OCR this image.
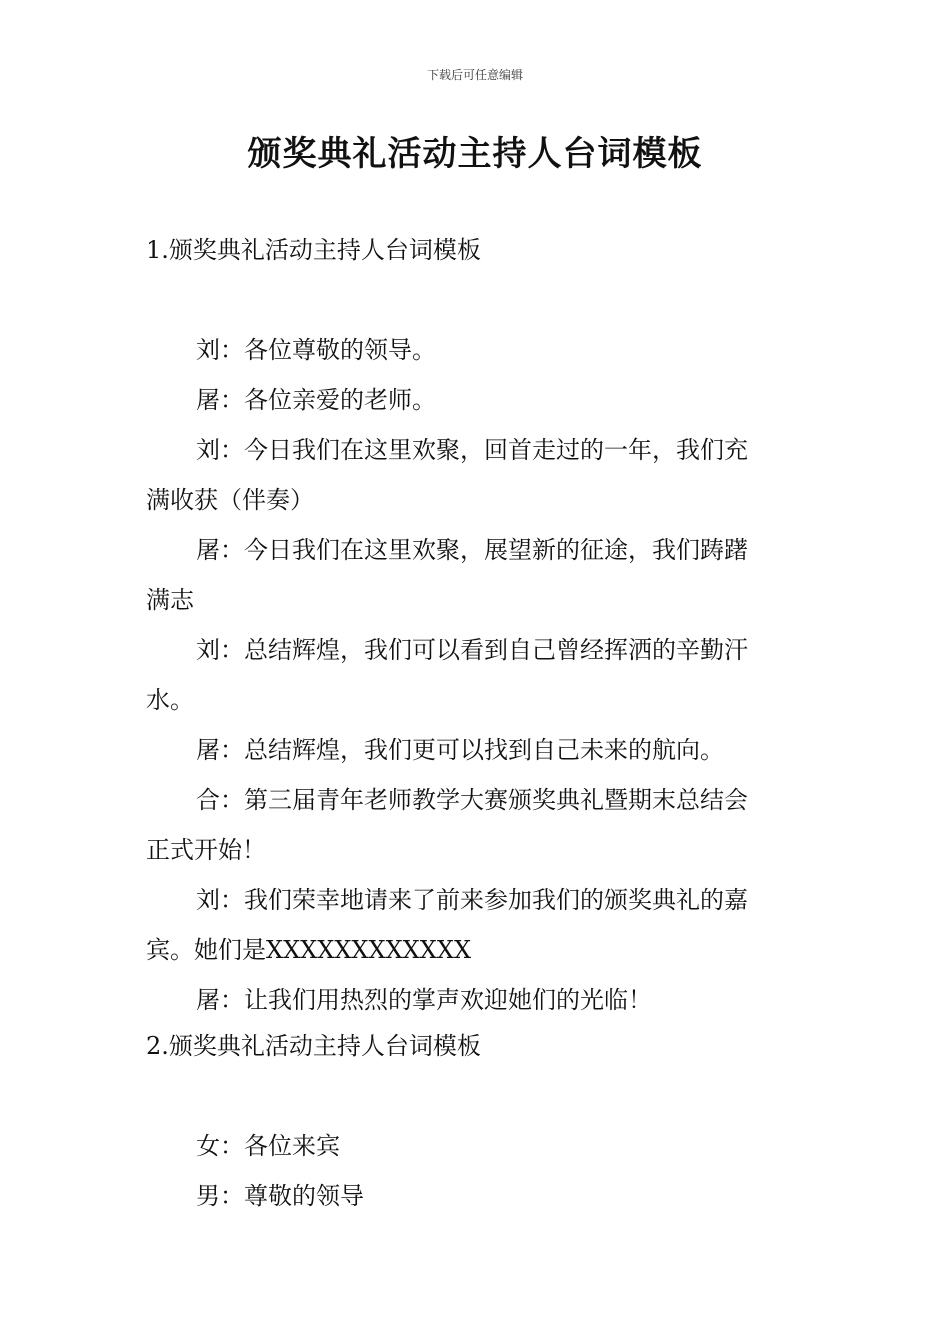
下载后可任意编辑
颁奖典礼活动主持人台词模板
1.颁奖典礼活动主持人台词模板
刘：各位尊敬的领导。
屠：各位亲爱的老师。
刘：今日我们在这里欢聚，回首走过的一年，我们充
满收获（伴奏）
屠：今日我们在这里欢聚，展望新的征途，我们踌躇
满志
刘：总结辉煌，我们可以看到自己曾经挥洒的辛勤汗
水。
屠：总结辉煌，我们更可以找到自己未来的航向。
合：第三届青年老师教学大赛颁奖典礼暨期末总结会
正式开始！
刘：我们荣幸地请来了前来参加我们的颁奖典礼的嘉
宾。她们是XXXXXXXXXXXX
屠：让我们用热烈的掌声欢迎她们的光临！
2.颁奖典礼活动主持人台词模板
女：各位来宾
男：尊敬的领导
